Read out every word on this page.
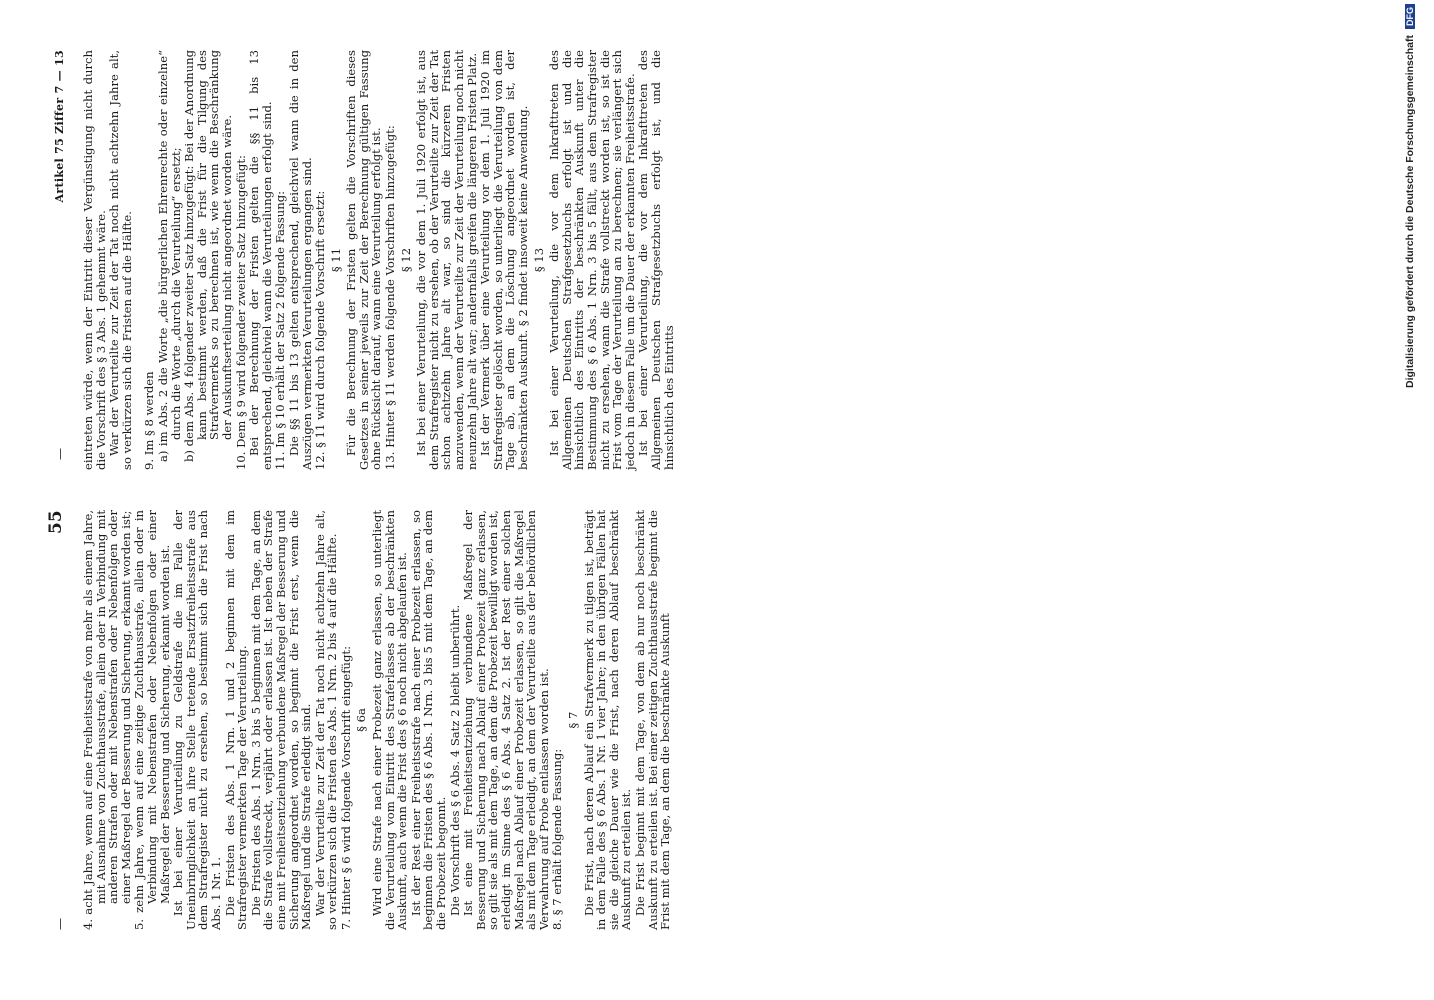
—
55
—
Artikel 75 Ziffer 7 — 13

4. acht Jahre, wenn auf eine Freiheitsstrafe von mehr als einem Jahre, mit Ausnahme von Zuchthausstrafe, allein oder in Verbindung mit anderen Strafen oder mit Nebenstrafen oder Nebenfolgen oder einer Maßregel der Besserung und Sicherung, erkannt worden ist; 5. zehn Jahre, wenn auf eine zeitige Zuchthausstrafe, allein oder in Verbindung mit Nebenstrafen oder Nebenfolgen oder einer Maßregel der Besserung und Sicherung, erkannt worden ist. Ist bei einer Verurteilung zu Geldstrafe die im Falle der Uneinbringlichkeit an ihre Stelle tretende Ersatzfreiheitsstrafe aus dem Strafregister nicht zu ersehen, so bestimmt sich die Frist nach Abs. 1 Nr. 1. Die Fristen des Abs. 1 Nrn. 1 und 2 beginnen mit dem im Strafregister vermerkten Tage der Verurteilung. Die Fristen des Abs. 1 Nrn. 3 bis 5 beginnen mit dem Tage, an dem die Strafe vollstreckt, verjährt oder erlassen ist. Ist neben der Strafe eine mit Freiheitsentziehung verbundene Maßregel der Besserung und Sicherung angeordnet worden, so beginnt die Frist erst, wenn die Maßregel und die Strafe erledigt sind. War der Verurteilte zur Zeit der Tat noch nicht achtzehn Jahre alt, so verkürzen sich die Fristen des Abs. 1 Nrn. 2 bis 4 auf die Hälfte. 7. Hinter § 6 wird folgende Vorschrift eingefügt: § 6a Wird eine Strafe nach einer Probezeit ganz erlassen, so unterliegt die Verurteilung vom Eintritt des Straferlasses ab der beschränkten Auskunft, auch wenn die Frist des § 6 noch nicht abgelaufen ist. Ist der Rest einer Freiheitsstrafe nach einer Probezeit erlassen, so beginnen die Fristen des § 6 Abs. 1 Nrn. 3 bis 5 mit dem Tage, an dem die Probezeit begonnt. Die Vorschrift des § 6 Abs. 4 Satz 2 bleibt unberührt. Ist eine mit Freiheitsentziehung verbundene Maßregel der Besserung und Sicherung nach Ablauf einer Probezeit ganz erlassen, so gilt sie als mit dem Tage, an dem die Probezeit bewilligt worden ist, erledigt im Sinne des § 6 Abs. 4 Satz 2. Ist der Rest einer solchen Maßregel nach Ablauf einer Probezeit erlassen, so gilt die Maßregel als mit dem Tage erledigt, an dem der Verurteilte aus der behördlichen Verwahrung auf Probe entlassen worden ist. 8. § 7 erhält folgende Fassung:

§ 7 Die Frist, nach deren Ablauf ein Strafvermerk zu tilgen ist, beträgt in dem Falle des § 6 Abs. 1 Nr. 1 vier Jahre; in den übrigen Fällen hat sie die gleiche Dauer wie die Frist, nach deren Ablauf beschränkt Auskunft zu erteilen ist. Die Frist beginnt mit dem Tage, von dem ab nur noch beschränkt Auskunft zu erteilen ist. Bei einer zeitigen Zuchthausstrafe beginnt die Frist mit dem Tage, an dem die beschränkte Auskunft

eintreten würde, wenn der Eintritt dieser Vergünstigung nicht durch die Vorschrift des § 3 Abs. 1 gehemmt wäre. War der Verurteilte zur Zeit der Tat noch nicht achtzehn Jahre alt, so verkürzen sich die Fristen auf die Hälfte. 9. Im § 8 werden a) im Abs. 2 die Worte „die bürgerlichen Ehrenrechte oder einzelne“ durch die Worte „durch die Verurteilung“ ersetzt; b) dem Abs. 4 folgender zweiter Satz hinzugefügt: Bei der Anordnung kann bestimmt werden, daß die Frist für die Tilgung des Strafvermerks so zu berechnen ist, wie wenn die Beschränkung der Auskunftserteilung nicht angeordnet worden wäre. 10. Dem § 9 wird folgender zweiter Satz hinzugefügt: Bei der Berechnung der Fristen gelten die §§ 11 bis 13 entsprechend, gleichviel wann die Verurteilungen erfolgt sind. 11. Im § 10 erhält der Satz 2 folgende Fassung: Die §§ 11 bis 13 gelten entsprechend, gleichviel wann die in den Auszügen vermerkten Verurteilungen ergangen sind. 12. § 11 wird durch folgende Vorschrift ersetzt: § 11 Für die Berechnung der Fristen gelten die Vorschriften dieses Gesetzes in seiner jeweils zur Zeit der Berechnung gültigen Fassung ohne Rücksicht darauf, wann eine Verurteilung erfolgt ist. 13. Hinter § 11 werden folgende Vorschriften hinzugefügt: § 12 Ist bei einer Verurteilung, die vor dem 1. Juli 1920 erfolgt ist, aus dem Strafregister nicht zu ersehen, ob der Verurteilte zur Zeit der Tat schon achtzehn Jahre alt war, so sind die kürzeren Fristen anzuwenden, wenn der Verurteilte zur Zeit der Verurteilung noch nicht neunzehn Jahre alt war; andernfalls greifen die längeren Fristen Platz. Ist der Vermerk über eine Verurteilung vor dem 1. Juli 1920 im Strafregister gelöscht worden, so unterliegt die Verurteilung von dem Tage ab, an dem die Löschung angeordnet worden ist, der beschränkten Auskunft. § 2 findet insoweit keine Anwendung. § 13 Ist bei einer Verurteilung, die vor dem Inkrafttreten des Allgemeinen Deutschen Strafgesetzbuchs erfolgt ist und die hinsichtlich des Eintritts der beschränkten Auskunft unter die Bestimmung des § 6 Abs. 1 Nrn. 3 bis 5 fällt, aus dem Strafregister nicht zu ersehen, wann die Strafe vollstreckt worden ist, so ist die Frist vom Tage der Verurteilung an zu berechnen; sie verlängert sich jedoch in diesem Falle um die Dauer der erkannten Freiheitsstrafe. Ist bei einer Verurteilung, die vor dem Inkrafttreten des Allgemeinen Deutschen Strafgesetzbuchs erfolgt ist, und die hinsichtlich des Eintritts

Digitalisierung gefördert durch die Deutsche ForschungsgemeinschaftDFG
